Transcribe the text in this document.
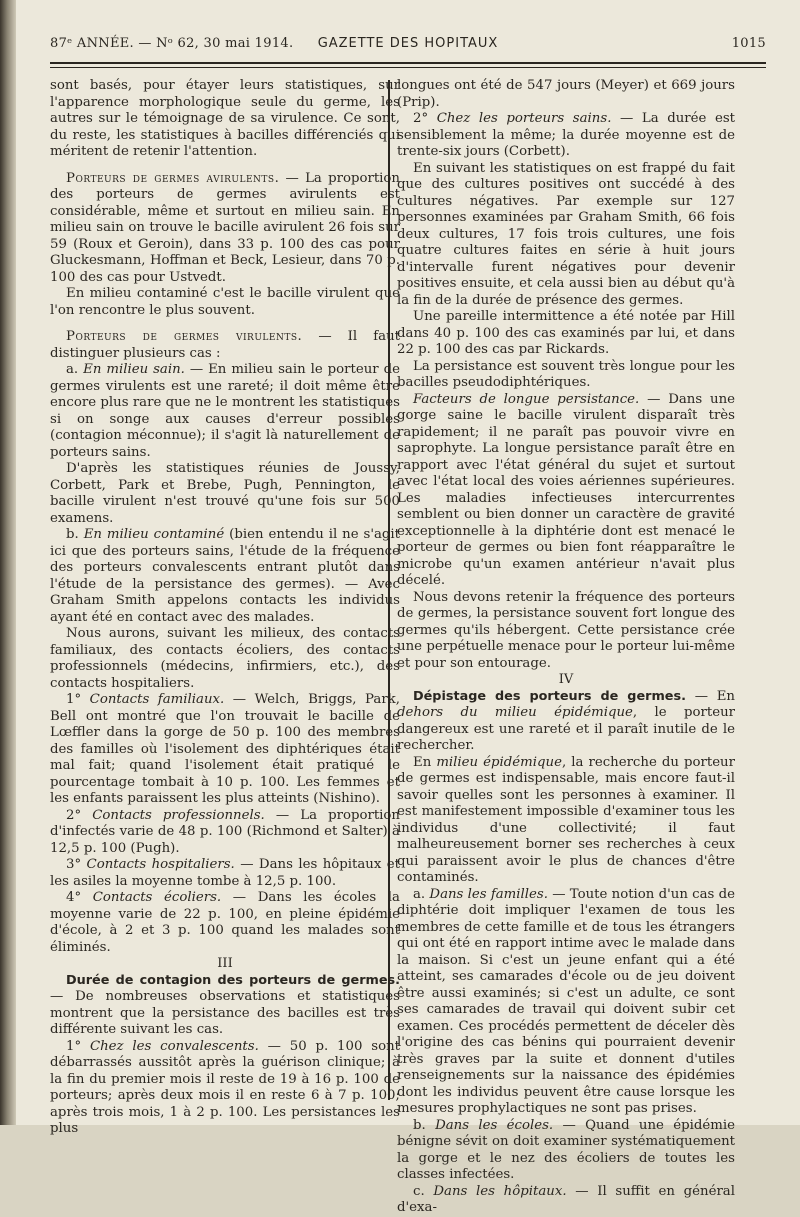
87ᵉ ANNÉE. — Nᵒ 62, 30 mai 1914.	GAZETTE DES HOPITAUX	1015

sont basés, pour étayer leurs statistiques, sur l'apparence morphologique seule du germe, les autres sur le témoignage de sa virulence. Ce sont, du reste, les statistiques à bacilles différenciés qui méritent de retenir l'attention.

Porteurs de germes avirulents. — La proportion des porteurs de germes avirulents est considérable, même et surtout en milieu sain. En milieu sain on trouve le bacille avirulent 26 fois sur 59 (Roux et Geroin), dans 33 p. 100 des cas pour Gluckesmann, Hoffman et Beck, Lesieur, dans 70 p. 100 des cas pour Ustvedt.

En milieu contaminé c'est le bacille virulent que l'on rencontre le plus souvent.

Porteurs de germes virulents. — Il faut distinguer plusieurs cas :

a. En milieu sain. — En milieu sain le porteur de germes virulents est une rareté; il doit même être encore plus rare que ne le montrent les statistiques si on songe aux causes d'erreur possibles (contagion méconnue); il s'agit là naturellement de porteurs sains.

D'après les statistiques réunies de Joussy, Corbett, Park et Brebe, Pugh, Pennington, le bacille virulent n'est trouvé qu'une fois sur 500 examens.

b. En milieu contaminé (bien entendu il ne s'agit ici que des porteurs sains, l'étude de la fréquence des porteurs convalescents entrant plutôt dans l'étude de la persistance des germes). — Avec Graham Smith appelons contacts les individus ayant été en contact avec des malades.

Nous aurons, suivant les milieux, des contacts familiaux, des contacts écoliers, des contacts professionnels (médecins, infirmiers, etc.), des contacts hospitaliers.

1° Contacts familiaux. — Welch, Briggs, Park, Bell ont montré que l'on trouvait le bacille de Lœffler dans la gorge de 50 p. 100 des membres des familles où l'isolement des diphtériques était mal fait; quand l'isolement était pratiqué le pourcentage tombait à 10 p. 100. Les femmes et les enfants paraissent les plus atteints (Nishino).

2° Contacts professionnels. — La proportion d'infectés varie de 48 p. 100 (Richmond et Salter) à 12,5 p. 100 (Pugh).

3° Contacts hospitaliers. — Dans les hôpitaux et les asiles la moyenne tombe à 12,5 p. 100.

4° Contacts écoliers. — Dans les écoles la moyenne varie de 22 p. 100, en pleine épidémie d'école, à 2 et 3 p. 100 quand les malades sont éliminés.

III

Durée de contagion des porteurs de germes. — De nombreuses observations et statistiques montrent que la persistance des bacilles est très différente suivant les cas.

1° Chez les convalescents. — 50 p. 100 sont débarrassés aussitôt après la guérison clinique; à la fin du premier mois il reste de 19 à 16 p. 100 de porteurs; après deux mois il en reste 6 à 7 p. 100; après trois mois, 1 à 2 p. 100. Les persistances les plus

longues ont été de 547 jours (Meyer) et 669 jours (Prip).

2° Chez les porteurs sains. — La durée est sensiblement la même; la durée moyenne est de trente-six jours (Corbett).

En suivant les statistiques on est frappé du fait que des cultures positives ont succédé à des cultures négatives. Par exemple sur 127 personnes examinées par Graham Smith, 66 fois deux cultures, 17 fois trois cultures, une fois quatre cultures faites en série à huit jours d'intervalle furent négatives pour devenir positives ensuite, et cela aussi bien au début qu'à la fin de la durée de présence des germes.

Une pareille intermittence a été notée par Hill dans 40 p. 100 des cas examinés par lui, et dans 22 p. 100 des cas par Rickards.

La persistance est souvent très longue pour les bacilles pseudodiphtériques.

Facteurs de longue persistance. — Dans une gorge saine le bacille virulent disparaît très rapidement; il ne paraît pas pouvoir vivre en saprophyte. La longue persistance paraît être en rapport avec l'état général du sujet et surtout avec l'état local des voies aériennes supérieures. Les maladies infectieuses intercurrentes semblent ou bien donner un caractère de gravité exceptionnelle à la diphtérie dont est menacé le porteur de germes ou bien font réapparaître le microbe qu'un examen antérieur n'avait plus décelé.

Nous devons retenir la fréquence des porteurs de germes, la persistance souvent fort longue des germes qu'ils hébergent. Cette persistance crée une perpétuelle menace pour le porteur lui-même et pour son entourage.

IV

Dépistage des porteurs de germes. — En dehors du milieu épidémique, le porteur dangereux est une rareté et il paraît inutile de le rechercher.

En milieu épidémique, la recherche du porteur de germes est indispensable, mais encore faut-il savoir quelles sont les personnes à examiner. Il est manifestement impossible d'examiner tous les individus d'une collectivité; il faut malheureusement borner ses recherches à ceux qui paraissent avoir le plus de chances d'être contaminés.

a. Dans les familles. — Toute notion d'un cas de diphtérie doit impliquer l'examen de tous les membres de cette famille et de tous les étrangers qui ont été en rapport intime avec le malade dans la maison. Si c'est un jeune enfant qui a été atteint, ses camarades d'école ou de jeu doivent être aussi examinés; si c'est un adulte, ce sont ses camarades de travail qui doivent subir cet examen. Ces procédés permettent de déceler dès l'origine des cas bénins qui pourraient devenir très graves par la suite et donnent d'utiles renseignements sur la naissance des épidémies dont les individus peuvent être cause lorsque les mesures prophylactiques ne sont pas prises.

b. Dans les écoles. — Quand une épidémie bénigne sévit on doit examiner systématiquement la gorge et le nez des écoliers de toutes les classes infectées.

c. Dans les hôpitaux. — Il suffit en général d'exa-
